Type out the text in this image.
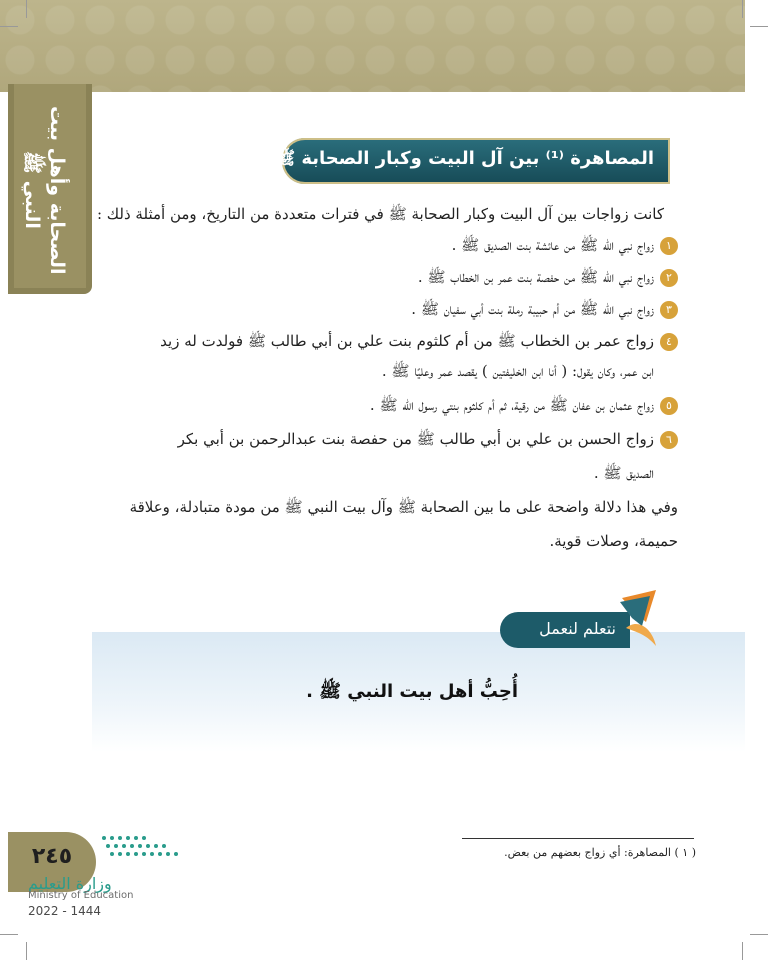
الصحابة وأهل بيت النبي ﷺ	المصاهرة ⁽¹⁾ بين آل البيت وكبار الصحابة ﷺ :
كانت زواجات بين آل البيت وكبار الصحابة ﷺ في فترات متعددة من التاريخ، ومن أمثلة ذلك :
١زواج نبي الله ﷺ من عائشة بنت الصديق ﷺ .
٢زواج نبي الله ﷺ من حفصة بنت عمر بن الخطاب ﷺ .
٣زواج نبي الله ﷺ من أم حبيبة رملة بنت أبي سفيان ﷺ .
٤زواج عمر بن الخطاب ﷺ من أم كلثوم بنت علي بن أبي طالب ﷺ فولدت له زيد
ابن عمر، وكان يقول: ( أنا ابن الخليفتين ) يقصد عمر وعليًا ﷺ .
٥زواج عثمان بن عفان ﷺ من رقية، ثم أم كلثوم بنتي رسول الله ﷺ .
٦زواج الحسن بن علي بن أبي طالب ﷺ من حفصة بنت عبدالرحمن بن أبي بكر
الصديق ﷺ .
وفي هذا دلالة واضحة على ما بين الصحابة ﷺ وآل بيت النبي ﷺ من مودة متبادلة، وعلاقة
حميمة، وصلات قوية.
نتعلم لنعمل
أُحِبُّ أهل بيت النبي ﷺ .
( ١ ) المصاهرة: أي زواج بعضهم من بعض.
٢٤٥
وزارة التعليم
Ministry of Education
2022 - 1444
